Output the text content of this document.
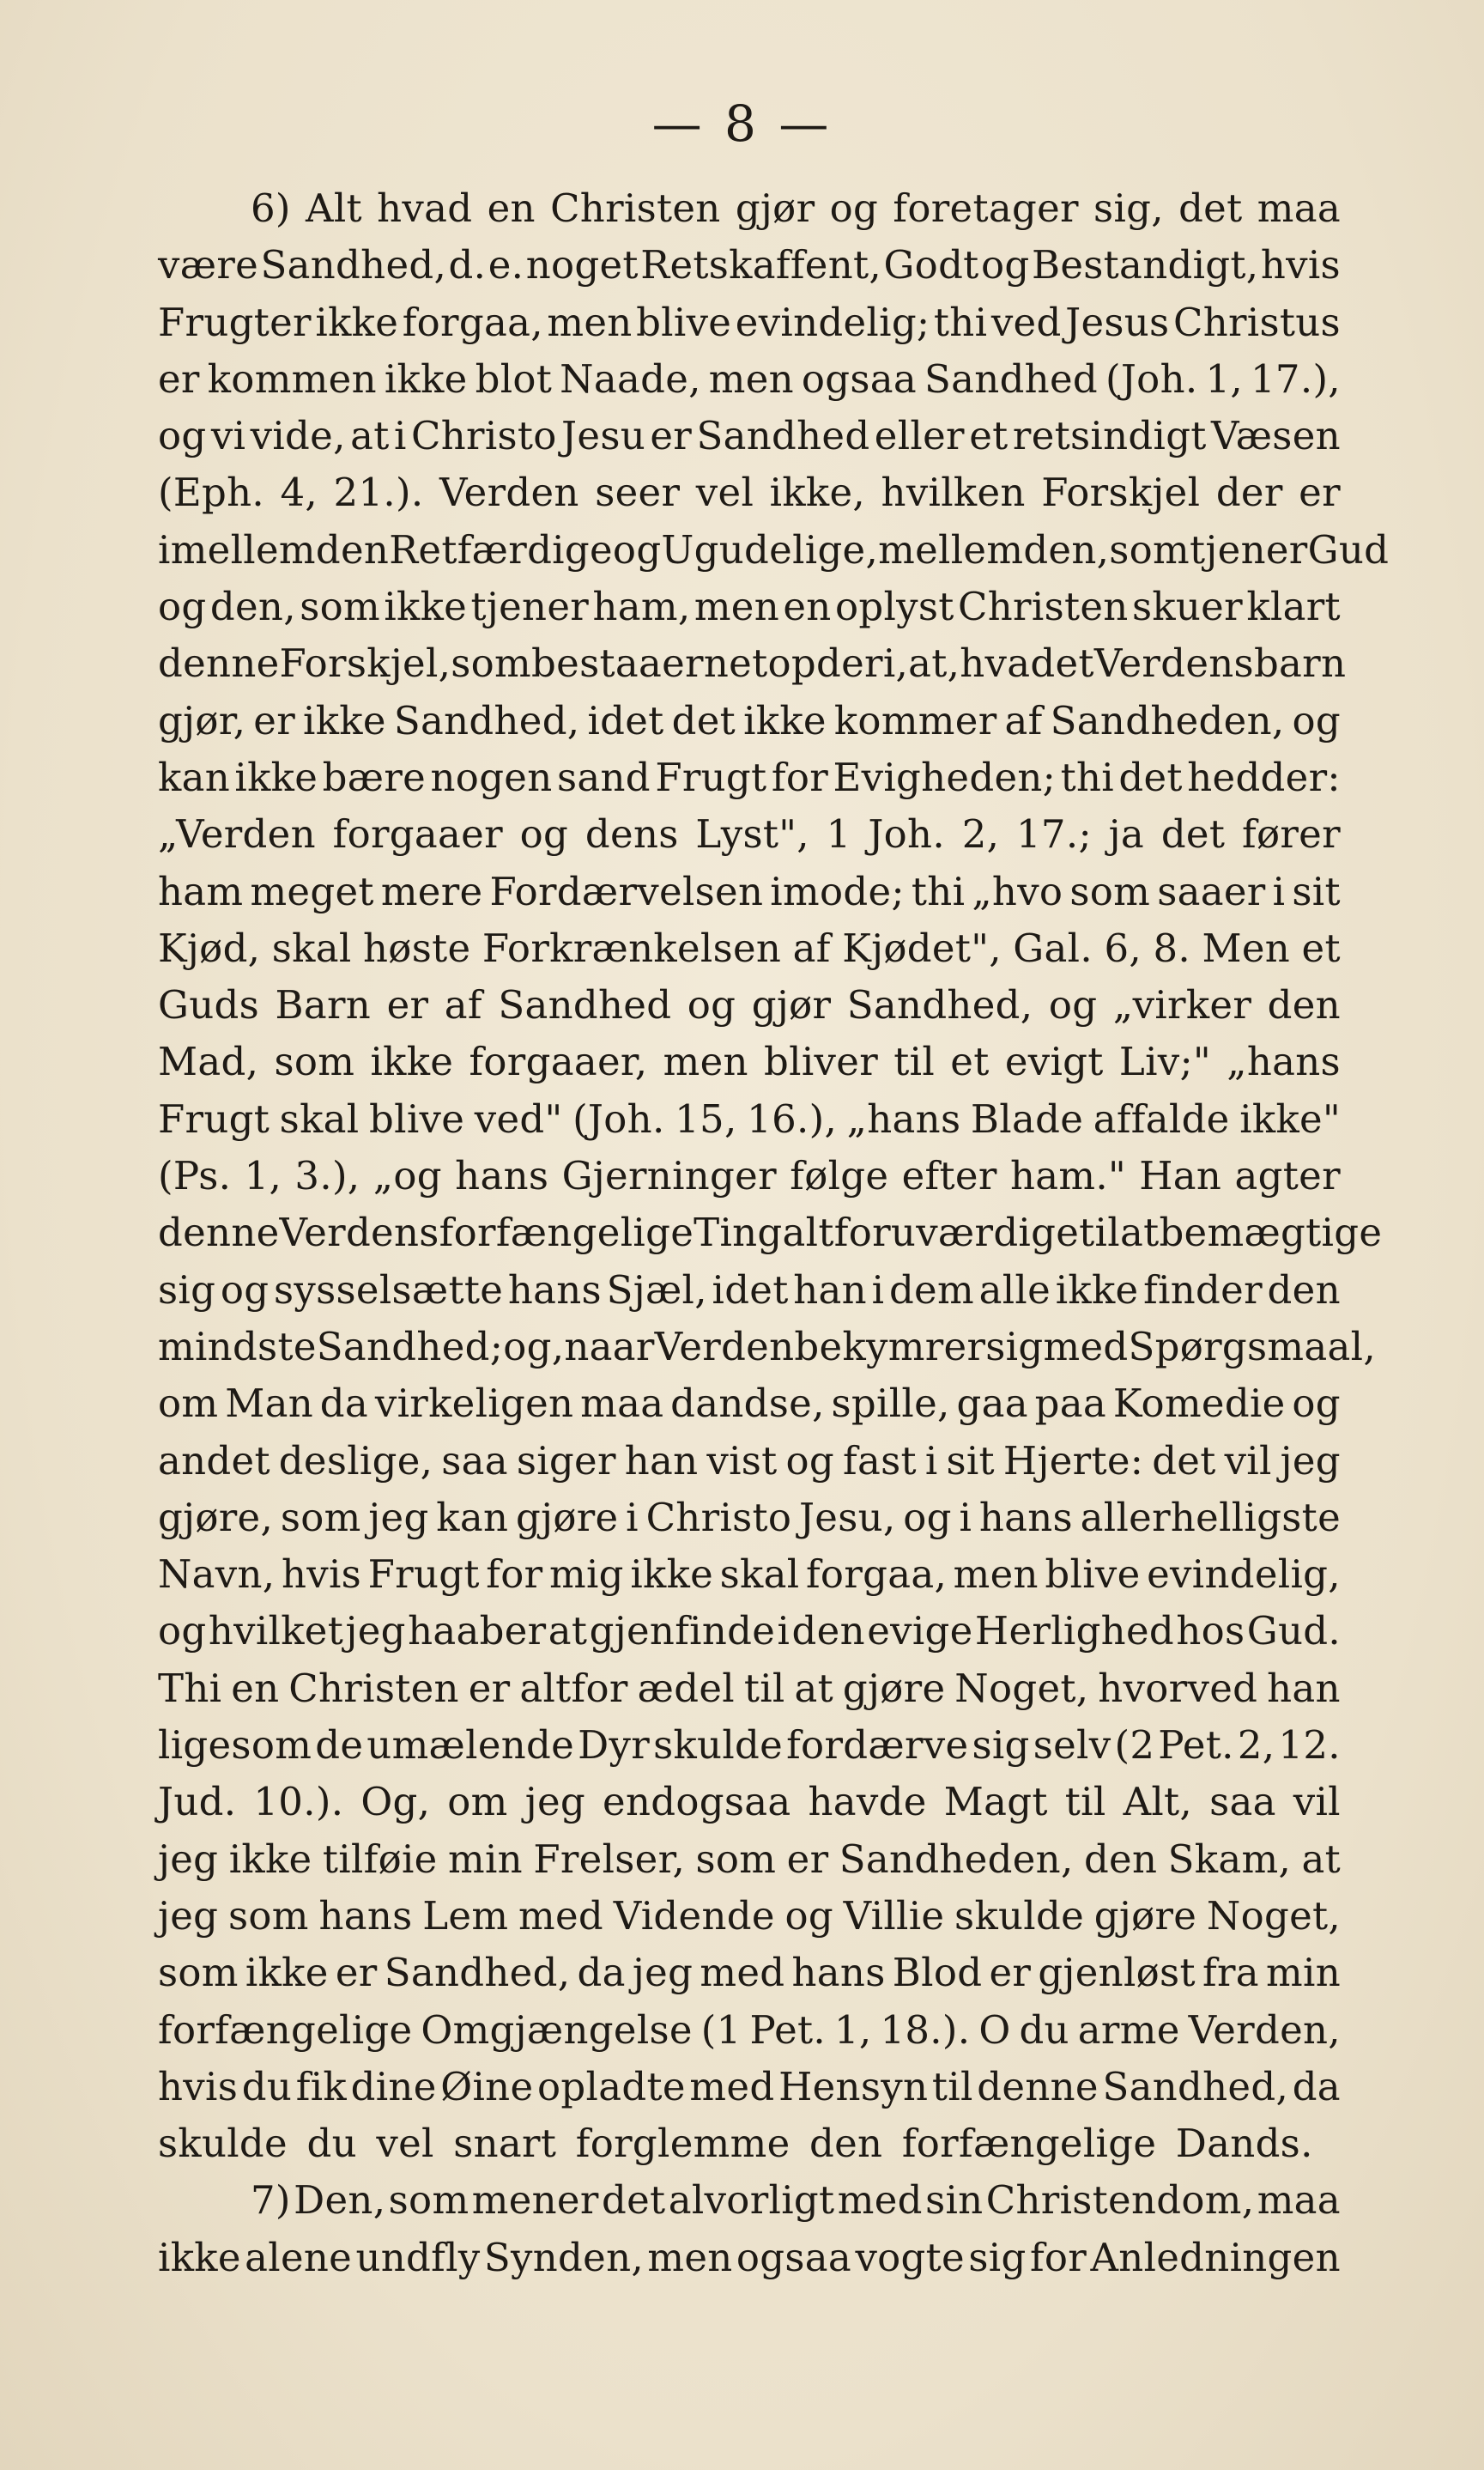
— 8 —
6) Alt hvad en Christen gjør og foretager sig, det maa
være Sandhed, d. e. noget Retskaffent, Godt og Bestandigt, hvis
Frugter ikke forgaa, men blive evindelig; thi ved Jesus Christus
er kommen ikke blot Naade, men ogsaa Sandhed (Joh. 1, 17.),
og vi vide, at i Christo Jesu er Sandhed eller et retsindigt Væsen
(Eph. 4, 21.). Verden seer vel ikke, hvilken Forskjel der er
imellem den Retfærdige og Ugudelige, mellem den, som tjener Gud
og den, som ikke tjener ham, men en oplyst Christen skuer klart
denne Forskjel, som bestaaer netop deri, at, hvad et Verdensbarn
gjør, er ikke Sandhed, idet det ikke kommer af Sandheden, og
kan ikke bære nogen sand Frugt for Evigheden; thi det hedder:
„Verden forgaaer og dens Lyst", 1 Joh. 2, 17.; ja det fører
ham meget mere Fordærvelsen imode; thi „hvo som saaer i sit
Kjød, skal høste Forkrænkelsen af Kjødet", Gal. 6, 8. Men et
Guds Barn er af Sandhed og gjør Sandhed, og „virker den
Mad, som ikke forgaaer, men bliver til et evigt Liv;" „hans
Frugt skal blive ved" (Joh. 15, 16.), „hans Blade affalde ikke"
(Ps. 1, 3.), „og hans Gjerninger følge efter ham." Han agter
denne Verdens forfængelige Ting altfor uværdige til at bemægtige
sig og sysselsætte hans Sjæl, idet han i dem alle ikke finder den
mindste Sandhed; og, naar Verden bekymrer sig med Spørgsmaal,
om Man da virkeligen maa dandse, spille, gaa paa Komedie og
andet deslige, saa siger han vist og fast i sit Hjerte: det vil jeg
gjøre, som jeg kan gjøre i Christo Jesu, og i hans allerhelligste
Navn, hvis Frugt for mig ikke skal forgaa, men blive evindelig,
og hvilket jeg haaber at gjenfinde i den evige Herlighed hos Gud.
Thi en Christen er altfor ædel til at gjøre Noget, hvorved han
ligesom de umælende Dyr skulde fordærve sig selv (2 Pet. 2, 12.
Jud. 10.). Og, om jeg endogsaa havde Magt til Alt, saa vil
jeg ikke tilføie min Frelser, som er Sandheden, den Skam, at
jeg som hans Lem med Vidende og Villie skulde gjøre Noget,
som ikke er Sandhed, da jeg med hans Blod er gjenløst fra min
forfængelige Omgjængelse (1 Pet. 1, 18.). O du arme Verden,
hvis du fik dine Øine opladte med Hensyn til denne Sandhed, da
skulde du vel snart forglemme den forfængelige Dands.
7) Den, som mener det alvorligt med sin Christendom, maa
ikke alene undfly Synden, men ogsaa vogte sig for Anledningen
